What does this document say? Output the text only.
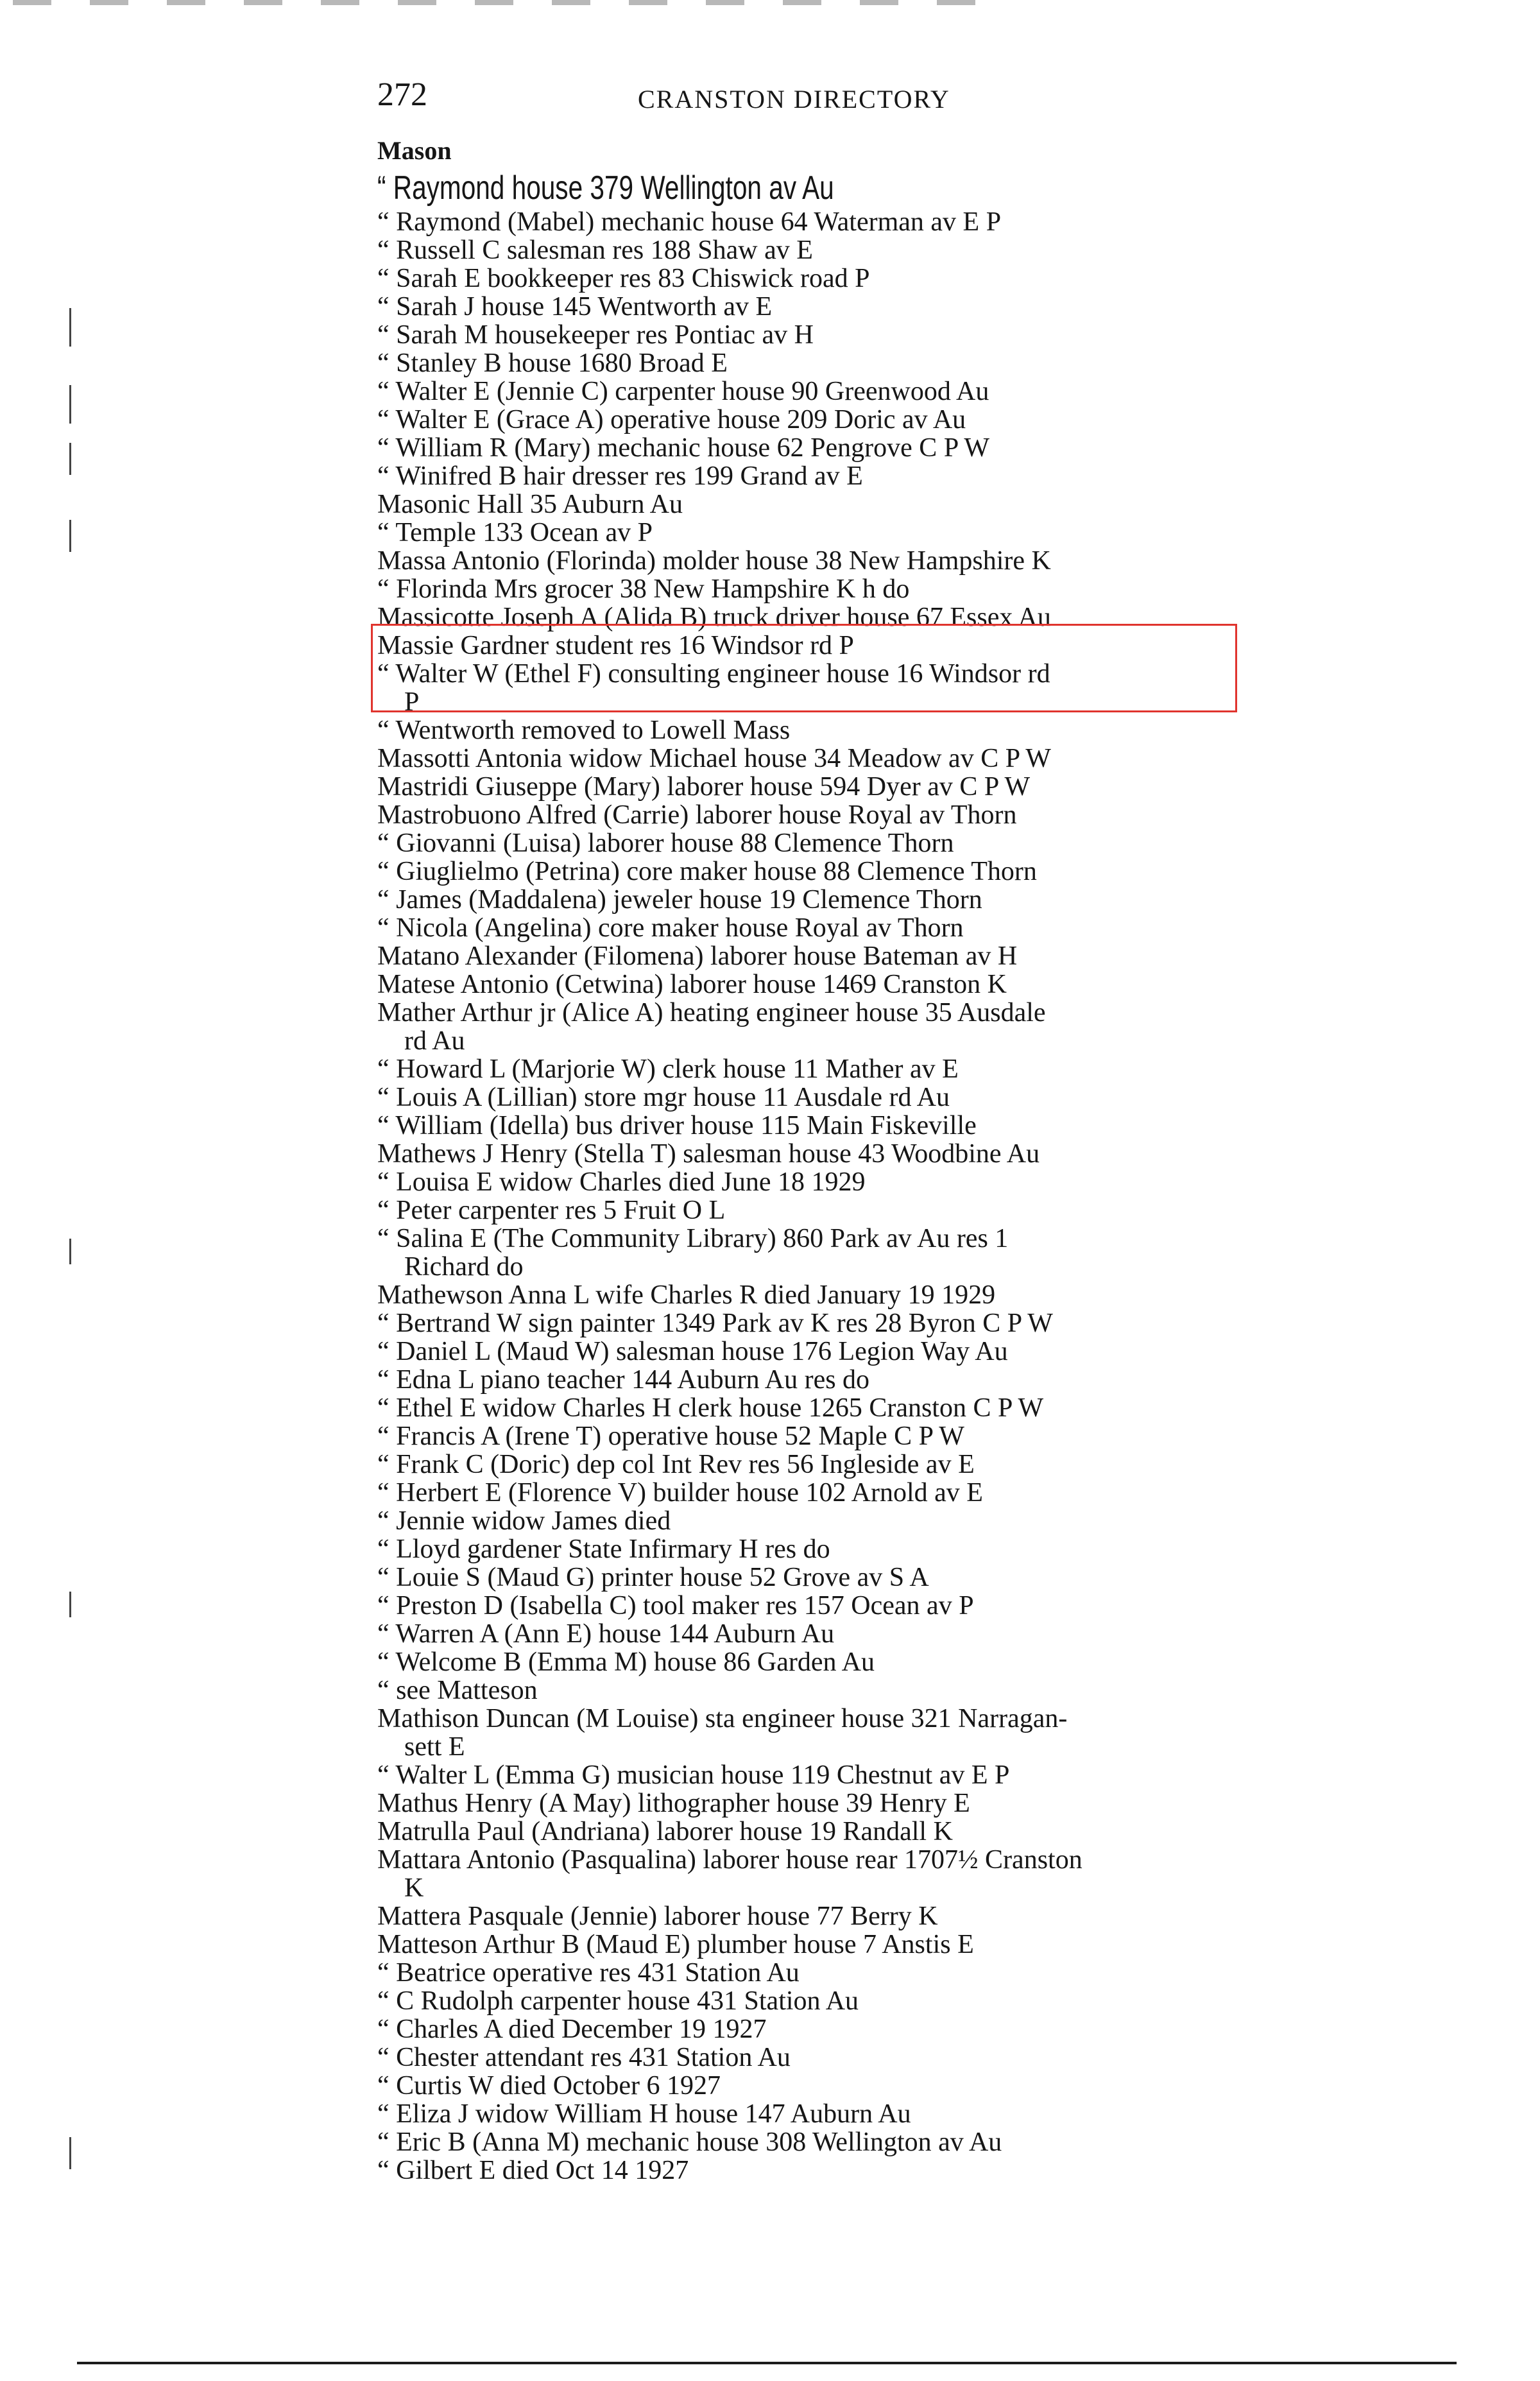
272	CRANSTON DIRECTORY
Mason
“ Raymond house 379 Wellington av Au
“ Raymond (Mabel) mechanic house 64 Waterman av E P
“ Russell C salesman res 188 Shaw av E
“ Sarah E bookkeeper res 83 Chiswick road P
“ Sarah J house 145 Wentworth av E
“ Sarah M housekeeper res Pontiac av H
“ Stanley B house 1680 Broad E
“ Walter E (Jennie C) carpenter house 90 Greenwood Au
“ Walter E (Grace A) operative house 209 Doric av Au
“ William R (Mary) mechanic house 62 Pengrove C P W
“ Winifred B hair dresser res 199 Grand av E
Masonic Hall 35 Auburn Au
“ Temple 133 Ocean av P
Massa Antonio (Florinda) molder house 38 New Hampshire K
“ Florinda Mrs grocer 38 New Hampshire K h do
Massicotte Joseph A (Alida B) truck driver house 67 Essex Au
Massie Gardner student res 16 Windsor rd P
“ Walter W (Ethel F) consulting engineer house 16 Windsor rd
P
“ Wentworth removed to Lowell Mass
Massotti Antonia widow Michael house 34 Meadow av C P W
Mastridi Giuseppe (Mary) laborer house 594 Dyer av C P W
Mastrobuono Alfred (Carrie) laborer house Royal av Thorn
“ Giovanni (Luisa) laborer house 88 Clemence Thorn
“ Giuglielmo (Petrina) core maker house 88 Clemence Thorn
“ James (Maddalena) jeweler house 19 Clemence Thorn
“ Nicola (Angelina) core maker house Royal av Thorn
Matano Alexander (Filomena) laborer house Bateman av H
Matese Antonio (Cetwina) laborer house 1469 Cranston K
Mather Arthur jr (Alice A) heating engineer house 35 Ausdale
rd Au
“ Howard L (Marjorie W) clerk house 11 Mather av E
“ Louis A (Lillian) store mgr house 11 Ausdale rd Au
“ William (Idella) bus driver house 115 Main Fiskeville
Mathews J Henry (Stella T) salesman house 43 Woodbine Au
“ Louisa E widow Charles died June 18 1929
“ Peter carpenter res 5 Fruit O L
“ Salina E (The Community Library) 860 Park av Au res 1
Richard do
Mathewson Anna L wife Charles R died January 19 1929
“ Bertrand W sign painter 1349 Park av K res 28 Byron C P W
“ Daniel L (Maud W) salesman house 176 Legion Way Au
“ Edna L piano teacher 144 Auburn Au res do
“ Ethel E widow Charles H clerk house 1265 Cranston C P W
“ Francis A (Irene T) operative house 52 Maple C P W
“ Frank C (Doric) dep col Int Rev res 56 Ingleside av E
“ Herbert E (Florence V) builder house 102 Arnold av E
“ Jennie widow James died
“ Lloyd gardener State Infirmary H res do
“ Louie S (Maud G) printer house 52 Grove av S A
“ Preston D (Isabella C) tool maker res 157 Ocean av P
“ Warren A (Ann E) house 144 Auburn Au
“ Welcome B (Emma M) house 86 Garden Au
“ see Matteson
Mathison Duncan (M Louise) sta engineer house 321 Narragan-
sett E
“ Walter L (Emma G) musician house 119 Chestnut av E P
Mathus Henry (A May) lithographer house 39 Henry E
Matrulla Paul (Andriana) laborer house 19 Randall K
Mattara Antonio (Pasqualina) laborer house rear 1707½ Cranston
K
Mattera Pasquale (Jennie) laborer house 77 Berry K
Matteson Arthur B (Maud E) plumber house 7 Anstis E
“ Beatrice operative res 431 Station Au
“ C Rudolph carpenter house 431 Station Au
“ Charles A died December 19 1927
“ Chester attendant res 431 Station Au
“ Curtis W died October 6 1927
“ Eliza J widow William H house 147 Auburn Au
“ Eric B (Anna M) mechanic house 308 Wellington av Au
“ Gilbert E died Oct 14 1927
